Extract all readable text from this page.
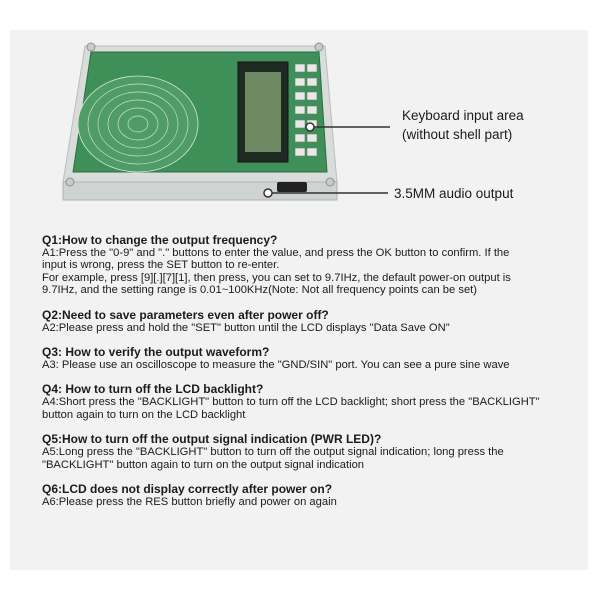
Keyboard input area
(without shell part)
3.5MM audio output
Q1:How to change the output frequency?
A1:Press the "0-9" and "." buttons to enter the value, and press the OK button to confirm. If the
input is wrong, press the SET button to re-enter.
For example, press [9][.][7][1], then press, you can set to 9.7IHz, the default power-on output is
9.7IHz, and the setting range is 0.01~100KHz(Note: Not all frequency points can be set)
Q2:Need to save parameters even after power off?
A2:Please press and hold the "SET" button until the LCD displays "Data Save ON"
Q3: How to verify the output waveform?
A3: Please use an oscilloscope to measure the "GND/SIN" port. You can see a pure sine wave
Q4: How to turn off the LCD backlight?
A4:Short press the "BACKLIGHT" button to turn off the LCD backlight; short press the "BACKLIGHT"
button again to turn on the LCD backlight
Q5:How to turn off the output signal indication (PWR LED)?
A5:Long press the "BACKLIGHT" button to turn off the output signal indication; long press the
"BACKLIGHT" button again to turn on the output signal indication
Q6:LCD does not display correctly after power on?
A6:Please press the RES button briefly and power on again
